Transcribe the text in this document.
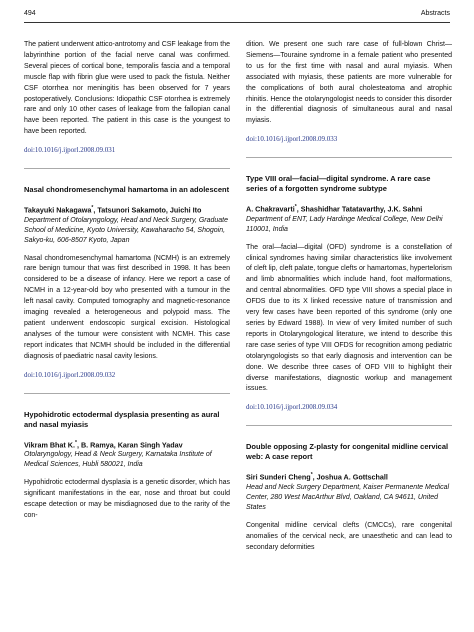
494	Abstracts

The patient underwent attico-antrotomy and CSF leakage from the labyrinthine portion of the facial nerve canal was confirmed. Several pieces of cortical bone, temporalis fascia and a temporal muscle flap with fibrin glue were used to pack the fistula. Neither CSF otorrhea nor meningitis has been observed for 7 years postoperatively. Conclusions: Idiopathic CSF otorrhea is extremely rare and only 10 other cases of leakage from the fallopian canal have been reported. The patient in this case is the youngest to have been reported.

doi:10.1016/j.ijporl.2008.09.031

Nasal chondromesenchymal hamartoma in an adolescent

Takayuki Nakagawa*, Tatsunori Sakamoto, Juichi Ito

Department of Otolaryngology, Head and Neck Surgery, Graduate School of Medicine, Kyoto University, Kawaharacho 54, Shogoin, Sakyo-ku, 606-8507 Kyoto, Japan

Nasal chondromesenchymal hamartoma (NCMH) is an extremely rare benign tumour that was first described in 1998. It has been considered to be a disease of infancy. Here we report a case of NCMH in a 12-year-old boy who presented with a tumour in the left nasal cavity. Computed tomography and magnetic-resonance imaging revealed a heterogeneous and polypoid mass. The patient underwent endoscopic surgical excision. Histological analyses of the tumour were consistent with NCMH. This case report indicates that NCMH should be included in the differential diagnosis of paediatric nasal cavity lesions.

doi:10.1016/j.ijporl.2008.09.032

Hypohidrotic ectodermal dysplasia presenting as aural and nasal myiasis

Vikram Bhat K.*, B. Ramya, Karan Singh Yadav

Otolaryngology, Head & Neck Surgery, Karnataka Institute of Medical Sciences, Hubli 580021, India

Hypohidrotic ectodermal dysplasia is a genetic disorder, which has significant manifestations in the ear, nose and throat but could escape detection or may be misdiagnosed due to the rarity of the con-

dition. We present one such rare case of full-blown Christ—Siemens—Touraine syndrome in a female patient who presented to us for the first time with nasal and aural myiasis. When associated with myiasis, these patients are more vulnerable for the complications of both aural cholesteatoma and atrophic rhinitis. Hence the otolaryngologist needs to consider this disorder in the differential diagnosis of simultaneous aural and nasal myiasis.

doi:10.1016/j.ijporl.2008.09.033

Type VIII oral—facial—digital syndrome. A rare case series of a forgotten syndrome subtype

A. Chakravarti*, Shashidhar Tatatavarthy, J.K. Sahni

Department of ENT, Lady Hardinge Medical College, New Delhi 110001, India

The oral—facial—digital (OFD) syndrome is a constellation of clinical syndromes having similar characteristics like involvement of cleft lip, cleft palate, tongue clefts or hamartomas, hypertelorism and limb abnormalities which include hand, foot malformations, and central abnormalities. OFD type VIII shows a special place in OFDS due to its X linked recessive nature of transmission and very few cases have been reported of this syndrome (only one series by Edward 1988). In view of very limited number of such reports in Otolaryngological literature, we intend to describe this rare case series of type VIII OFDS for recognition among pediatric otolaryngologists so that early diagnosis and intervention can be done. We describe three cases of OFD VIII to highlight their diverse manifestations, diagnostic workup and management issues.

doi:10.1016/j.ijporl.2008.09.034

Double opposing Z-plasty for congenital midline cervical web: A case report

Siri Sunderi Cheng*, Joshua A. Gottschall

Head and Neck Surgery Department, Kaiser Permanente Medical Center, 280 West MacArthur Blvd, Oakland, CA 94611, United States

Congenital midline cervical clefts (CMCCs), rare congenital anomalies of the cervical neck, are unaesthetic and can lead to secondary deformities
